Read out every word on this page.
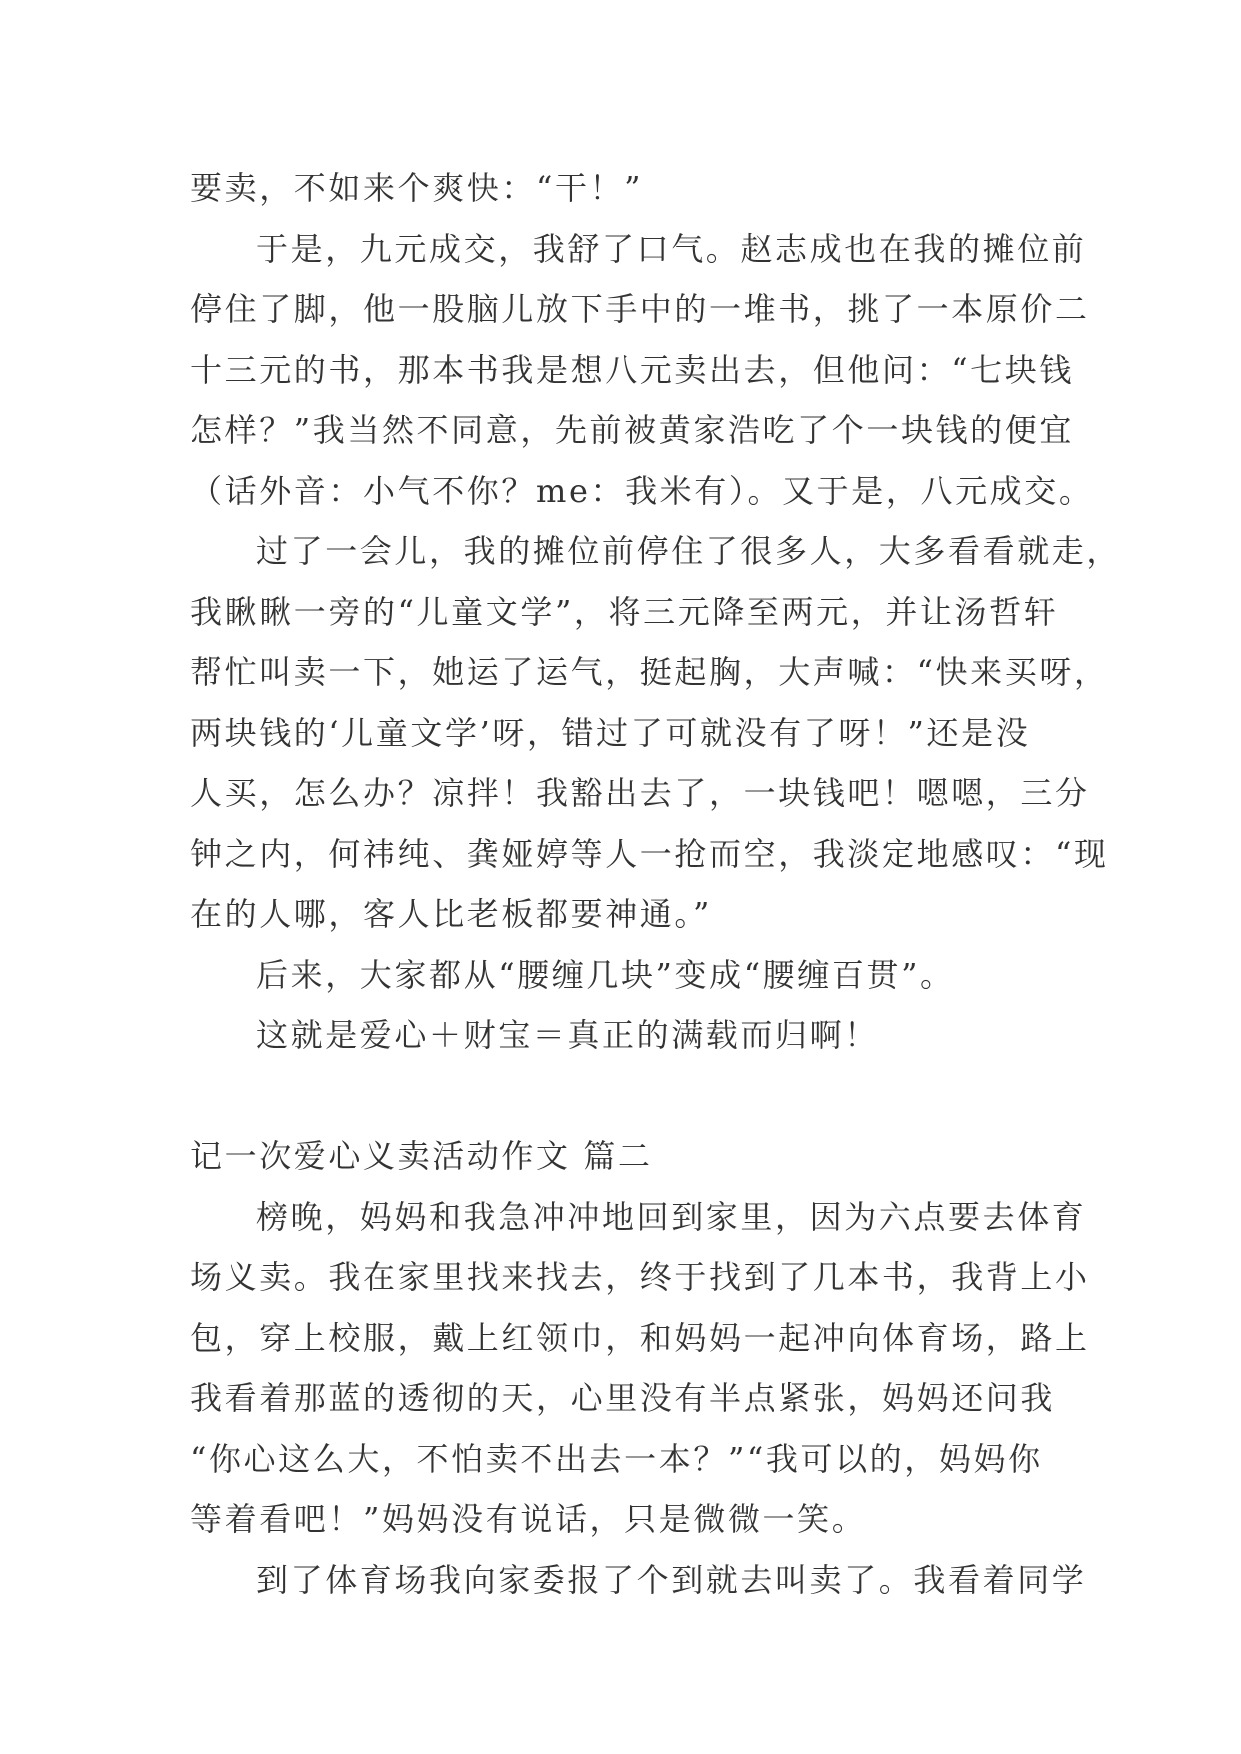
要卖，不如来个爽快：“干！”
于是，九元成交，我舒了口气。赵志成也在我的摊位前
停住了脚，他一股脑儿放下手中的一堆书，挑了一本原价二
十三元的书，那本书我是想八元卖出去，但他问：“七块钱
怎样？”我当然不同意，先前被黄家浩吃了个一块钱的便宜
（话外音：小气不你？me：我米有）。又于是，八元成交。
过了一会儿，我的摊位前停住了很多人，大多看看就走，
我瞅瞅一旁的“儿童文学”，将三元降至两元，并让汤哲轩
帮忙叫卖一下，她运了运气，挺起胸，大声喊：“快来买呀，
两块钱的‘儿童文学’呀，错过了可就没有了呀！”还是没
人买，怎么办？凉拌！我豁出去了，一块钱吧！嗯嗯，三分
钟之内，何祎纯、龚娅婷等人一抢而空，我淡定地感叹：“现
在的人哪，客人比老板都要神通。”
后来，大家都从“腰缠几块”变成“腰缠百贯”。
这就是爱心＋财宝＝真正的满载而归啊！
记一次爱心义卖活动作文 篇二
榜晚，妈妈和我急冲冲地回到家里，因为六点要去体育
场义卖。我在家里找来找去，终于找到了几本书，我背上小
包，穿上校服，戴上红领巾，和妈妈一起冲向体育场，路上
我看着那蓝的透彻的天，心里没有半点紧张，妈妈还问我
“你心这么大，不怕卖不出去一本？”“我可以的，妈妈你
等着看吧！”妈妈没有说话，只是微微一笑。
到了体育场我向家委报了个到就去叫卖了。我看着同学
